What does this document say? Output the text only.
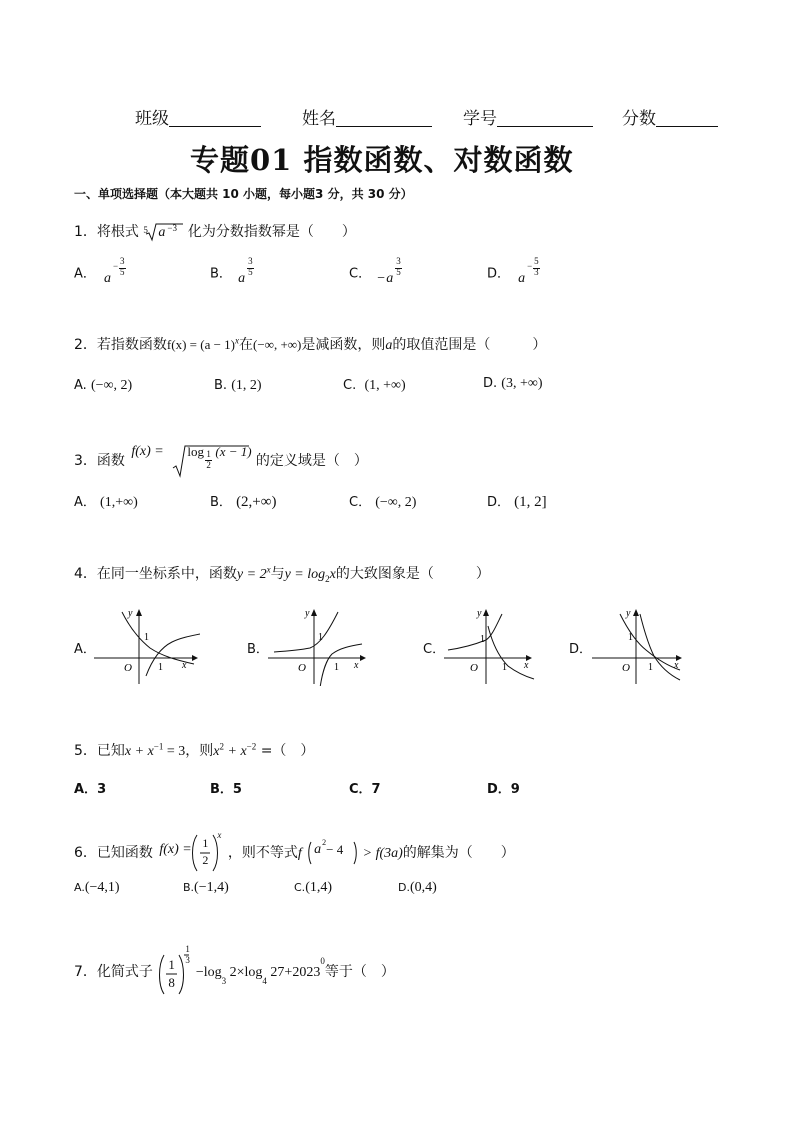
班级	姓名	学号	分数
专题01 指数函数、对数函数
一、单项选择题（本大题共 10 小题，每小题3 分，共 30 分）
1．将根式 5 a −3 化为分数指数幂是（　　）
A． a
− 3
5	B． a
3
5	C． − a
3
5	D． a
− 5
3
2．若指数函数$f(x) = (a - 1)^x$在(−∞, +∞)是减函数，则a的取值范围是（　　　）
A. (−∞, 2)	B. (1, 2)	C. (1, +∞)	D. (3, +∞)
3．函数
f(x) = log 1
2
(x − 1)
的定义域是（　）
A． (1,+∞)	B． (2,+∞)	C． (−∞, 2)	D． (1, 2]
4．在同一坐标系中，函数$y = 2^x$与$y = \log_2x$的大致图象是（　　　）
A．
y
x
O
1
1
B．
y
x
O
1
1
C．
y
x
O
1
1
D．
y
x
O
1
1
5．已知$x + x^{-1} = 3$，则$x^2 + x^{-2}$ =（　）
A．3	B．5	C．7	D．9
6．已知函数 f(x) = 1
2
x
，则不等式f a 2 − 4 > f(3a)的解集为（　　）
A.(−4,1)	B.(−1,4)	C.(1,4)	D.(0,4)
7．化简式子 1
8
1
3
$-\log_3$ $2\times\log_4$ $27+2023^0$等于（　）
